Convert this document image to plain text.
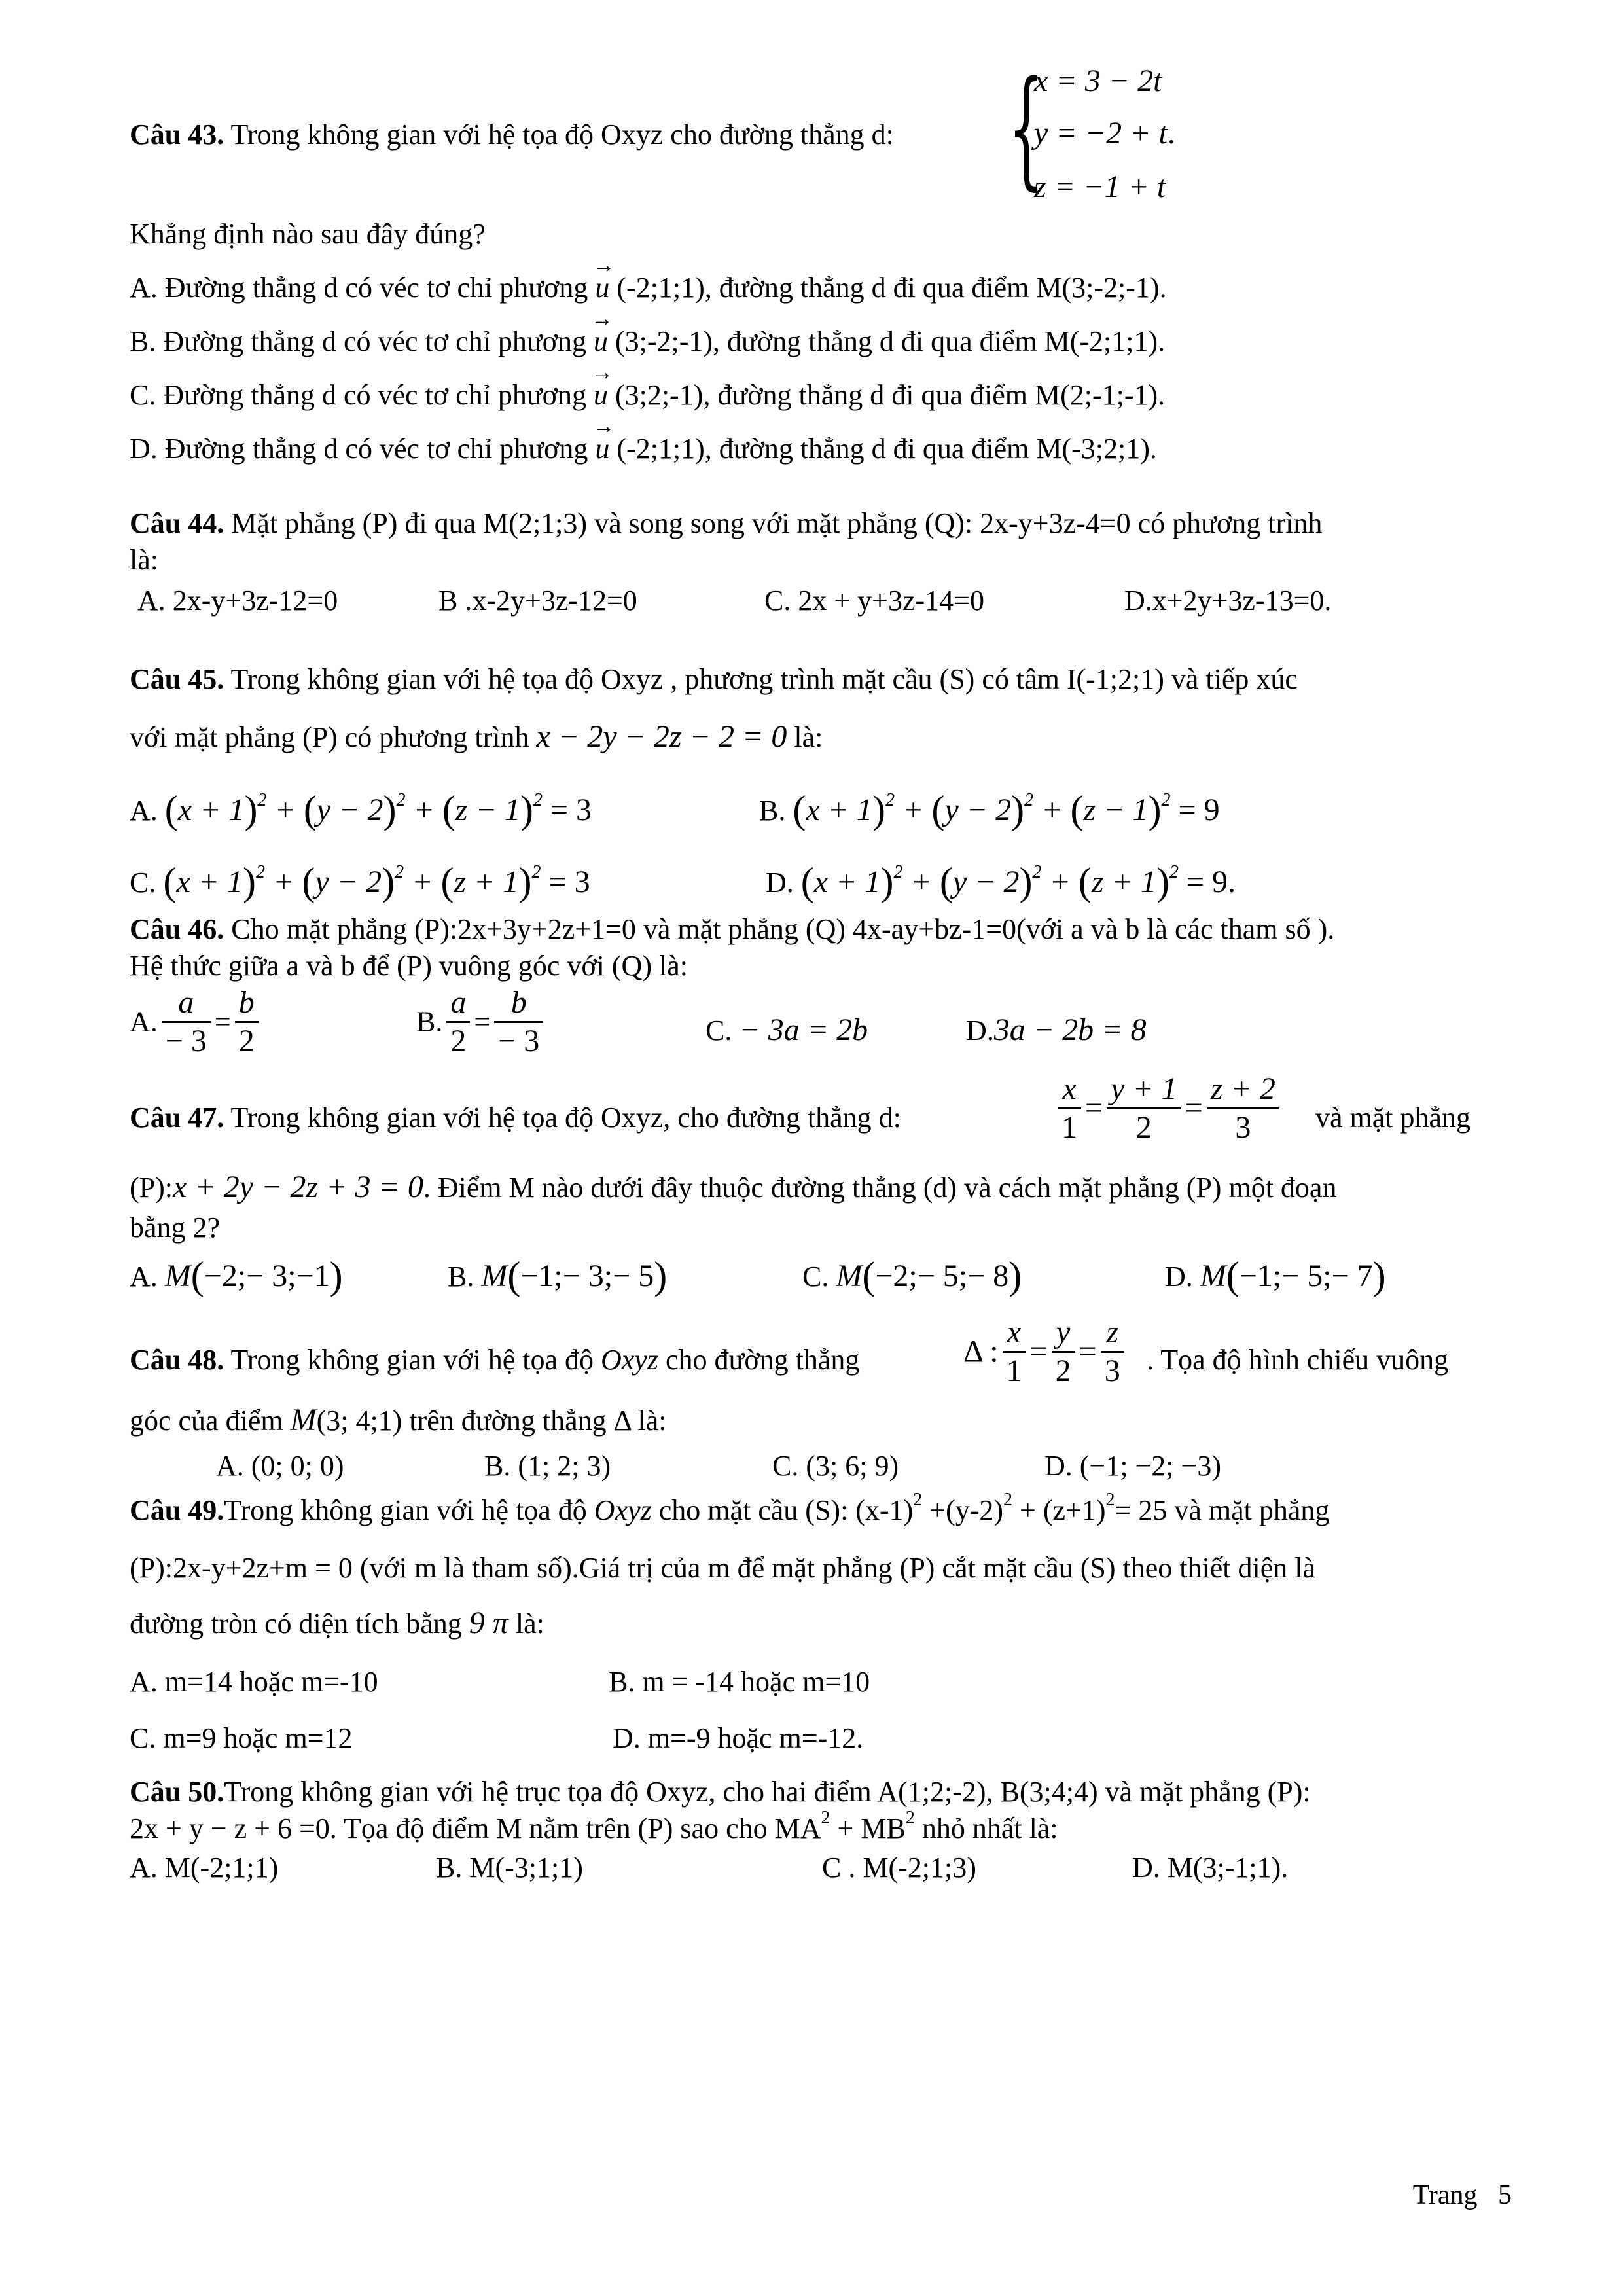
{
x = 3 − 2t
y = −2 + t.
z = −1 + t
Câu 43. Trong không gian với hệ tọa độ Oxyz cho đường thẳng d:
Khẳng định nào sau đây đúng?
A. Đường thẳng d có véc tơ chỉ phương → u (-2;1;1), đường thẳng d đi qua điểm M(3;-2;-1).
B. Đường thẳng d có véc tơ chỉ phương → u (3;-2;-1), đường thẳng d đi qua điểm M(-2;1;1).
C. Đường thẳng d có véc tơ chỉ phương → u (3;2;-1), đường thẳng d đi qua điểm M(2;-1;-1).
D. Đường thẳng d có véc tơ chỉ phương → u (-2;1;1), đường thẳng d đi qua điểm M(-3;2;1).
Câu 44. Mặt phẳng (P) đi qua M(2;1;3) và song song với mặt phẳng (Q): 2x-y+3z-4=0 có phương trình
là:
A. 2x-y+3z-12=0	B .x-2y+3z-12=0	C. 2x + y+3z-14=0	D.x+2y+3z-13=0.
Câu 45. Trong không gian với hệ tọa độ Oxyz , phương trình mặt cầu (S) có tâm I(-1;2;1) và tiếp xúc
với mặt phẳng (P) có phương trình x − 2y − 2z − 2 = 0 là:
A. $(x + 1)^2 + (y - 2)^2 + (z - 1)^2 = 3$	B. $(x + 1)^2 + (y - 2)^2 + (z - 1)^2 = 9$
C. $(x + 1)^2 + (y - 2)^2 + (z + 1)^2 = 3$	D. $(x + 1)^2 + (y - 2)^2 + (z + 1)^2 = 9$.
Câu 46. Cho mặt phẳng (P):2x+3y+2z+1=0 và mặt phẳng (Q) 4x-ay+bz-1=0(với a và b là các tham số ).
Hệ thức giữa a và b để (P) vuông góc với (Q) là:
A. $\frac{a}{- 3} = \frac{b}{2}$	B. $\frac{a}{2} = \frac{b}{- 3}$	C. − 3a = 2b	D.3a − 2b = 8
Câu 47. Trong không gian với hệ tọa độ Oxyz, cho đường thẳng d:	$\frac{x}{1} = \frac{y + 1}{2} = \frac{z + 2}{3}$ và mặt phẳng
(P):x + 2y − 2z + 3 = 0. Điểm M nào dưới đây thuộc đường thẳng (d) và cách mặt phẳng (P) một đoạn
bằng 2?
A. M(−2;− 3;−1)	B. M(−1;− 3;− 5)	C. M(−2;− 5;− 8)	D. M(−1;− 5;− 7)
Câu 48. Trong không gian với hệ tọa độ Oxyz cho đường thẳng	Δ : $\frac{x}{1} = \frac{y}{2} = \frac{z}{3}$ . Tọa độ hình chiếu vuông
góc của điểm M(3; 4;1) trên đường thẳng Δ là:
A. (0; 0; 0)	B. (1; 2; 3)	C. (3; 6; 9)	D. (−1; −2; −3)
Câu 49.Trong không gian với hệ tọa độ Oxyz cho mặt cầu (S): $(x-1)^2 +(y-2)^2 + (z+1)^2= 25$ và mặt phẳng
(P):2x-y+2z+m = 0 (với m là tham số).Giá trị của m để mặt phẳng (P) cắt mặt cầu (S) theo thiết diện là
đường tròn có diện tích bằng 9 π là:
A. m=14 hoặc m=-10	B. m = -14 hoặc m=10
C. m=9 hoặc m=12	D. m=-9 hoặc m=-12.
Câu 50.Trong không gian với hệ trục tọa độ Oxyz, cho hai điểm A(1;2;-2), B(3;4;4) và mặt phẳng (P):
2x + y − z + 6 =0. Tọa độ điểm M nằm trên (P) sao cho $MA^2 + MB^2$ nhỏ nhất là:
A. M(-2;1;1)	B. M(-3;1;1)	C . M(-2;1;3)	D. M(3;-1;1).
Trang 5
